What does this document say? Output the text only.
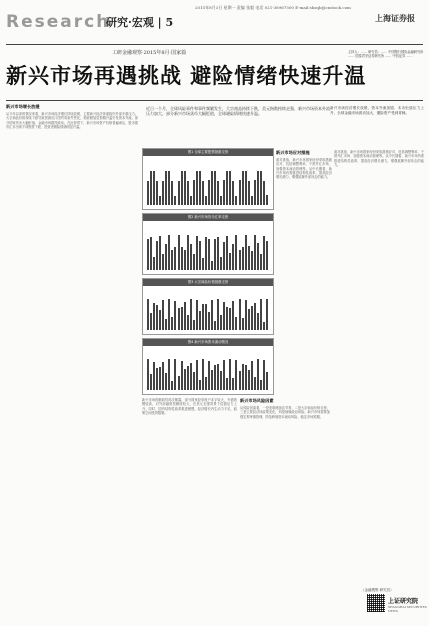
Research
研究·宏观 | 5
2015年8月3日 星期一 责编 张毅 电话 021-38967500 E-mail:shzqb@cnstock.com
上海证券报
工研金融观察·2015年8月·国家篇	主持人：…… 研究员：…… 中国银行国际金融研究所 …… 国泰君安证券研究所 …… 中信证券 ……
新兴市场再遇挑战 避险情绪快速升温
近日一个月，全球风险事件和事件频繁发生，大宗商品持续下跌，美元指数持续走强，新兴市场资本外流压力加大，部分新兴市场货币大幅贬值，全球避险情绪快速升温。
新兴市场经济增长放缓，资本外流加剧，本币贬值压力上升，全球金融市场波动加大，避险资产受到青睐。
新兴市场增长放缓
从今年以来的情况来看，新兴市场经济增长持续放缓，主要新兴经济体面临内外部多重压力。大宗商品价格持续下跌导致资源出口国贸易条件恶化，美联储加息预期升温引发资本外流，部分国家货币大幅贬值，金融市场剧烈波动。在此背景下，新兴市场资产价格普遍承压，股市债市汇市出现不同程度下跌，投资者避险情绪明显升温。
图1 全球主要股票指数走势
图2 新兴市场货币汇率走势
图3 大宗商品价格指数走势
图4 新兴市场资本流动情况
新兴市场的脆弱性再次暴露，部分国家经常账户赤字较大，外债规模较高，对外部融资依赖度较大，在美元走强背景下偿债压力上升。同时，国内结构性改革推进缓慢，经济增长内生动力不足，政策空间受到限制。
新兴市场风险因素
从风险因素看，一是美联储加息节奏，二是大宗商品价格走势，三是主要经济体政策变化，四是地缘政治风险。新兴市场需要加强宏观审慎管理，防范跨境资本流动风险，稳定市场预期。
新兴市场应对措施
面对挑战，新兴市场国家纷纷采取措施应对，包括调整利率、干预外汇市场、加强资本流动管理等。从中长期看，新兴市场仍需推进结构性改革，提高经济增长潜力，增强抵御外部冲击的能力。
面对挑战，新兴市场国家纷纷采取措施应对，包括调整利率、干预外汇市场、加强资本流动管理等。从中长期看，新兴市场仍需推进结构性改革，提高经济增长潜力，增强抵御外部冲击的能力。
（金融观察 研究员）
上证研究院
SHANGHAI SECURITIES NEWS
